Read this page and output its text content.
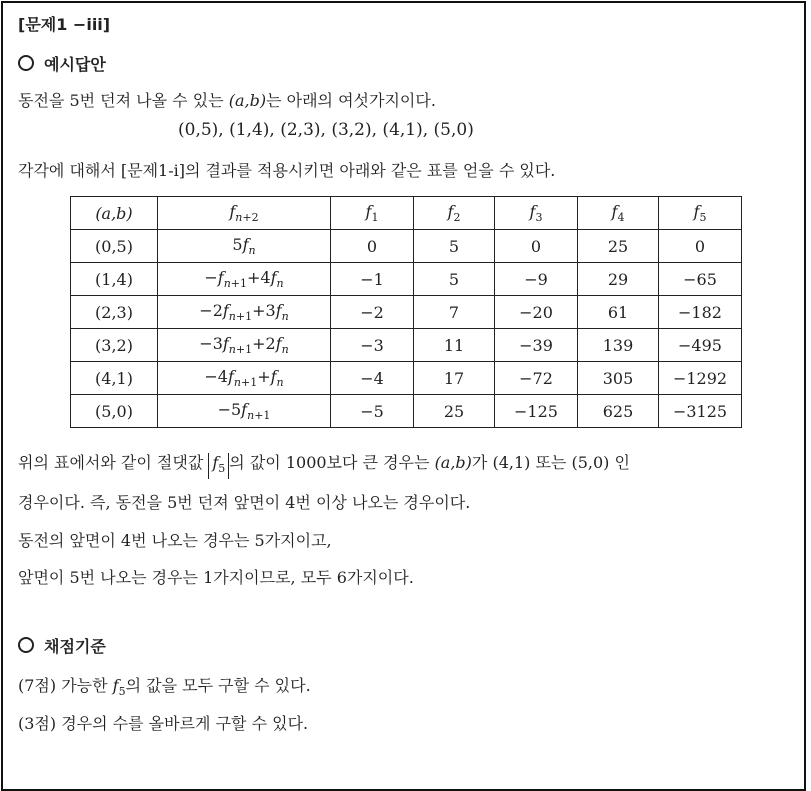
[문제1 −iii]
예시답안
동전을 5번 던져 나올 수 있는 (a,b)는 아래의 여섯가지이다.
(0,5), (1,4), (2,3), (3,2), (4,1), (5,0)
각각에 대해서 [문제1-i]의 결과를 적용시키면 아래와 같은 표를 얻을 수 있다.
(a,b)	$f_{n+2}$	$f_1$	$f_2$	$f_3$	$f_4$	$f_5$
(0,5)	$5f_n$	0	5	0	25	0
(1,4)	$-f_{n+1}+4f_n$	−1	5	−9	29	−65
(2,3)	$-2f_{n+1}+3f_n$	−2	7	−20	61	−182
(3,2)	$-3f_{n+1}+2f_n$	−3	11	−39	139	−495
(4,1)	$-4f_{n+1}+f_n$	−4	17	−72	305	−1292
(5,0)	$-5f_{n+1}$	−5	25	−125	625	−3125
위의 표에서와 같이 절댓값 $f_5$ 의 값이 1000보다 큰 경우는 (a,b)가 (4,1) 또는 (5,0) 인
경우이다. 즉, 동전을 5번 던져 앞면이 4번 이상 나오는 경우이다.
동전의 앞면이 4번 나오는 경우는 5가지이고,
앞면이 5번 나오는 경우는 1가지이므로, 모두 6가지이다.
채점기준
(7점) 가능한 $f_5$의 값을 모두 구할 수 있다.
(3점) 경우의 수를 올바르게 구할 수 있다.
